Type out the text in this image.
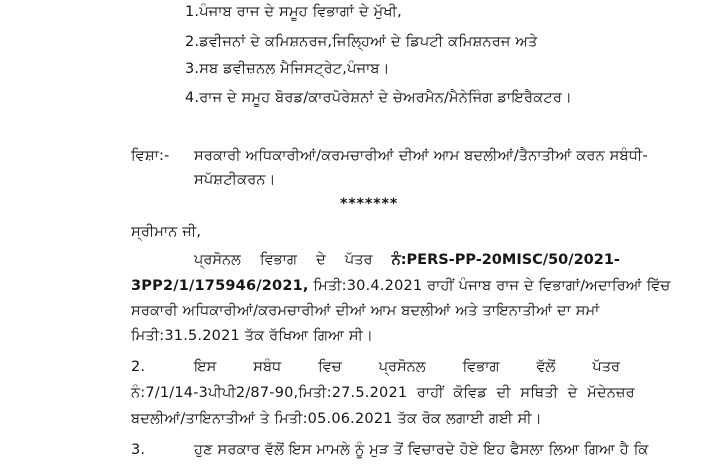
1.ਪੰਜਾਬ ਰਾਜ ਦੇ ਸਮੂਹ ਵਿਭਾਗਾਂ ਦੇ ਮੁੱਖੀ,
2.ਡਵੀਜਨਾਂ ਦੇ ਕਮਿਸ਼ਨਰਜ,ਜਿਲ੍ਹਿਆਂ ਦੇ ਡਿਪਟੀ ਕਮਿਸ਼ਨਰਜ ਅਤੇ
3.ਸਬ ਡਵੀਜ਼ਨਲ ਮੈਜਿਸਟ੍ਰੇਟ,ਪੰਜਾਬ।
4.ਰਾਜ ਦੇ ਸਮੂਹ ਬੋਰਡ/ਕਾਰਪੋਰੇਸ਼ਨਾਂ ਦੇ ਚੇਅਰਮੈਨ/ਮੈਨੇਜਿੰਗ ਡਾਇਰੈਕਟਰ।
ਵਿਸ਼ਾ:- ਸਰਕਾਰੀ ਅਧਿਕਾਰੀਆਂ/ਕਰਮਚਾਰੀਆਂ ਦੀਆਂ ਆਮ ਬਦਲੀਆਂ/ਤੈਨਾਤੀਆਂ ਕਰਨ ਸਬੰਧੀ-
ਸਪੱਸ਼ਟੀਕਰਨ।
*******
ਸ੍ਰੀਮਾਨ ਜੀ,
ਪ੍ਰਸੋਨਲ ਵਿਭਾਗ ਦੇ ਪੱਤਰ ਨੰ:PERS-PP-20MISC/50/2021-
3PP2/1/175946/2021, ਮਿਤੀ:30.4.2021 ਰਾਹੀਂ ਪੰਜਾਬ ਰਾਜ ਦੇ ਵਿਭਾਗਾਂ/ਅਦਾਰਿਆਂ ਵਿੱਚ
ਸਰਕਾਰੀ ਅਧਿਕਾਰੀਆਂ/ਕਰਮਚਾਰੀਆਂ ਦੀਆਂ ਆਮ ਬਦਲੀਆਂ ਅਤੇ ਤਾਇਨਾਤੀਆਂ ਦਾ ਸਮਾਂ
ਮਿਤੀ:31.5.2021 ਤੱਕ ਰੱਖਿਆ ਗਿਆ ਸੀ।
2.	ਇਸ	ਸਬੰਧ	ਵਿਚ	ਪ੍ਰਸੋਨਲ	ਵਿਭਾਗ	ਵੱਲੋਂ	ਪੱਤਰ
ਨੰ:7/1/14-3ਪੀਪੀ2/87-90,ਮਿਤੀ:27.5.2021  ਰਾਹੀਂ  ਕੋਵਿਡ  ਦੀ  ਸਥਿਤੀ  ਦੇ  ਮੱਦੇਨਜ਼ਰ
ਬਦਲੀਆਂ/ਤਾਇਨਾਤੀਆਂ ਤੇ ਮਿਤੀ:05.06.2021 ਤੱਕ ਰੋਕ ਲਗਾਈ ਗਈ ਸੀ।
3.	ਹੁਣ ਸਰਕਾਰ ਵੱਲੋਂ ਇਸ ਮਾਮਲੇ ਨੂੰ ਮੁੜ ਤੋਂ ਵਿਚਾਰਦੇ ਹੋਏ ਇਹ ਫੈਸਲਾ ਲਿਆ ਗਿਆ ਹੈ ਕਿ
